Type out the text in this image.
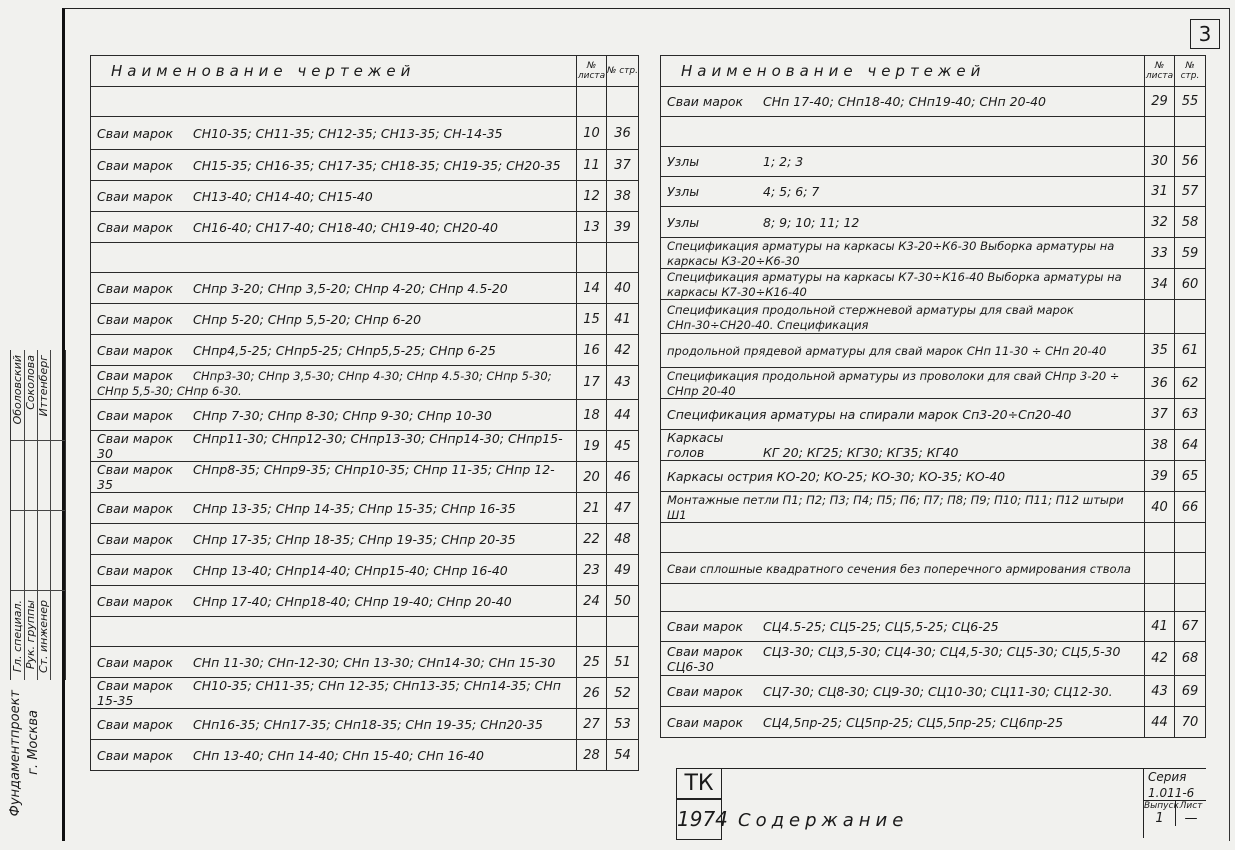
3
Гл. специал. Рук. группы Ст. инженер
Оболовский Соколова Иттенберг
Фундаментпроект г. Москва
Наименование чертежей	№ листа	№ стр.

Сваи марок СН10-35; СН11-35; СН12-35; СН13-35; СН-14-35	10	36
Сваи марок СН15-35; СН16-35; СН17-35; СН18-35; СН19-35; СН20-35	11	37
Сваи марок СН13-40; СН14-40; СН15-40	12	38
Сваи марок СН16-40; СН17-40; СН18-40; СН19-40; СН20-40	13	39

Сваи марок СНпр 3-20; СНпр 3,5-20; СНпр 4-20; СНпр 4.5-20	14	40
Сваи марок СНпр 5-20; СНпр 5,5-20; СНпр 6-20	15	41
Сваи марок СНпр4,5-25; СНпр5-25; СНпр5,5-25; СНпр 6-25	16	42
Сваи марок СНпр3-30; СНпр 3,5-30; СНпр 4-30; СНпр 4.5-30; СНпр 5-30; СНпр 5,5-30; СНпр 6-30.	17	43
Сваи марок СНпр 7-30; СНпр 8-30; СНпр 9-30; СНпр 10-30	18	44
Сваи марок СНпр11-30; СНпр12-30; СНпр13-30; СНпр14-30; СНпр15-30	19	45
Сваи марок СНпр8-35; СНпр9-35; СНпр10-35; СНпр 11-35; СНпр 12-35	20	46
Сваи марок СНпр 13-35; СНпр 14-35; СНпр 15-35; СНпр 16-35	21	47
Сваи марок СНпр 17-35; СНпр 18-35; СНпр 19-35; СНпр 20-35	22	48
Сваи марок СНпр 13-40; СНпр14-40; СНпр15-40; СНпр 16-40	23	49
Сваи марок СНпр 17-40; СНпр18-40; СНпр 19-40; СНпр 20-40	24	50

Сваи марок СНп 11-30; СНп-12-30; СНп 13-30; СНп14-30; СНп 15-30	25	51
Сваи марок СН10-35; СН11-35; СНп 12-35; СНп13-35; СНп14-35; СНп 15-35	26	52
Сваи марок СНп16-35; СНп17-35; СНп18-35; СНп 19-35; СНп20-35	27	53
Сваи марок СНп 13-40; СНп 14-40; СНп 15-40; СНп 16-40	28	54
Наименование чертежей	№ листа	№ стр.
Сваи марок СНп 17-40; СНп18-40; СНп19-40; СНп 20-40	29	55

Узлы 1; 2; 3	30	56
Узлы 4; 5; 6; 7	31	57
Узлы 8; 9; 10; 11; 12	32	58
Спецификация арматуры на каркасы К3-20÷К6-30 Выборка арматуры на каркасы К3-20÷К6-30	33	59
Спецификация арматуры на каркасы К7-30÷К16-40 Выборка арматуры на каркасы К7-30÷К16-40	34	60
Спецификация продольной стержневой арматуры для свай марок СНп-30÷СН20-40. Спецификация		
продольной прядевой арматуры для свай марок СНп 11-30 ÷ СНп 20-40	35	61
Спецификация продольной арматуры из проволоки для свай СНпр 3-20 ÷ СНпр 20-40	36	62
Спецификация арматуры на спирали марок Сп3-20÷Сп20-40	37	63
Каркасы голов КГ 20; КГ25; КГ30; КГ35; КГ40	38	64
Каркасы острия КО-20; КО-25; КО-30; КО-35; КО-40	39	65
Монтажные петли П1; П2; П3; П4; П5; П6; П7; П8; П9; П10; П11; П12 штыри Ш1	40	66

Сваи сплошные квадратного сечения без поперечного армирования ствола		

Сваи марок СЦ4.5-25; СЦ5-25; СЦ5,5-25; СЦ6-25	41	67
Сваи марок СЦ3-30; СЦ3,5-30; СЦ4-30; СЦ4,5-30; СЦ5-30; СЦ5,5-30 СЦ6-30	42	68
Сваи марок СЦ7-30; СЦ8-30; СЦ9-30; СЦ10-30; СЦ11-30; СЦ12-30.	43	69
Сваи марок СЦ4,5пр-25; СЦ5пр-25; СЦ5,5пр-25; СЦ6пр-25	44	70
ТК
1974 Содержание
Серия
1.011-6
Выпуск Лист
1	—
